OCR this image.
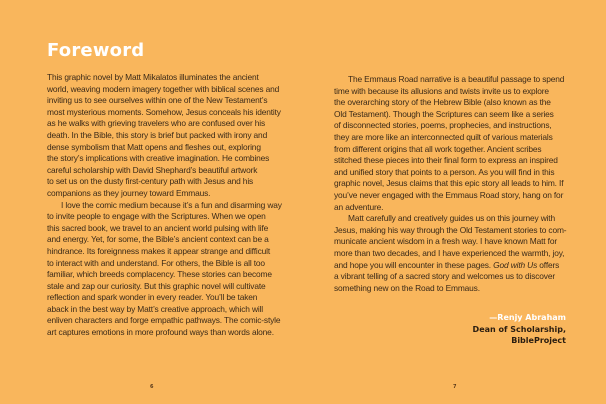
Foreword
This graphic novel by Matt Mikalatos illuminates the ancient
world, weaving modern imagery together with biblical scenes and
inviting us to see ourselves within one of the New Testament’s
most mysterious moments. Somehow, Jesus conceals his identity
as he walks with grieving travelers who are confused over his
death. In the Bible, this story is brief but packed with irony and
dense symbolism that Matt opens and fleshes out, exploring
the story’s implications with creative imagination. He combines
careful scholarship with David Shephard’s beautiful artwork
to set us on the dusty first-century path with Jesus and his
companions as they journey toward Emmaus.
I love the comic medium because it’s a fun and disarming way
to invite people to engage with the Scriptures. When we open
this sacred book, we travel to an ancient world pulsing with life
and energy. Yet, for some, the Bible’s ancient context can be a
hindrance. Its foreignness makes it appear strange and difficult
to interact with and understand. For others, the Bible is all too
familiar, which breeds complacency. These stories can become
stale and zap our curiosity. But this graphic novel will cultivate
reflection and spark wonder in every reader. You’ll be taken
aback in the best way by Matt’s creative approach, which will
enliven characters and forge empathic pathways. The comic-style
art captures emotions in more profound ways than words alone.
6
The Emmaus Road narrative is a beautiful passage to spend
time with because its allusions and twists invite us to explore
the overarching story of the Hebrew Bible (also known as the
Old Testament). Though the Scriptures can seem like a series
of disconnected stories, poems, prophecies, and instructions,
they are more like an interconnected quilt of various materials
from different origins that all work together. Ancient scribes
stitched these pieces into their final form to express an inspired
and unified story that points to a person. As you will find in this
graphic novel, Jesus claims that this epic story all leads to him. If
you’ve never engaged with the Emmaus Road story, hang on for
an adventure.
Matt carefully and creatively guides us on this journey with
Jesus, making his way through the Old Testament stories to com-
municate ancient wisdom in a fresh way. I have known Matt for
more than two decades, and I have experienced the warmth, joy,
and hope you will encounter in these pages. God with Us offers
a vibrant telling of a sacred story and welcomes us to discover
something new on the Road to Emmaus.
—Renjy Abraham
Dean of Scholarship,
BibleProject
7
